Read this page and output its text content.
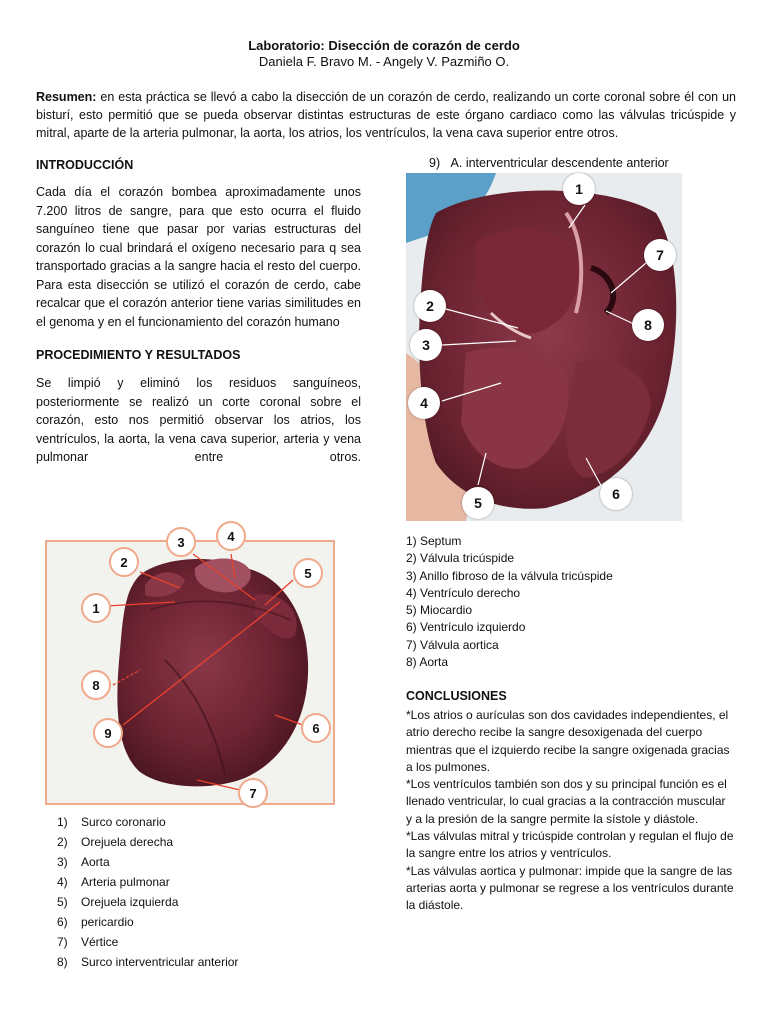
Laboratorio: Disección de corazón de cerdo
Daniela F. Bravo M. - Angely V. Pazmiño O.
Resumen: en esta práctica se llevó a cabo la disección de un corazón de cerdo, realizando un corte coronal sobre él con un bisturí, esto permitió que se pueda observar distintas estructuras de este órgano cardiaco como las válvulas tricúspide y mitral, aparte de la arteria pulmonar, la aorta, los atrios, los ventrículos, la vena cava superior entre otros.
INTRODUCCIÓN
Cada día el corazón bombea aproximadamente unos 7.200 litros de sangre, para que esto ocurra el fluido sanguíneo tiene que pasar por varias estructuras del corazón lo cual brindará el oxígeno necesario para q sea transportado gracias a la sangre hacia el resto del cuerpo. Para esta disección se utilizó el corazón de cerdo, cabe recalcar que el corazón anterior tiene varias similitudes en el genoma y en el funcionamiento del corazón humano
PROCEDIMIENTO Y RESULTADOS
Se limpió y eliminó los residuos sanguíneos, posteriormente se realizó un corte coronal sobre el corazón, esto nos permitió observar los atrios, los ventrículos, la aorta, la vena cava superior, arteria y vena pulmonar entre otros.
1
2
3	4
5
6
7
8
9
1) Surco coronario
2) Orejuela derecha
3) Aorta
4) Arteria pulmonar
5) Orejuela izquierda
6) pericardio
7) Vértice
8) Surco interventricular anterior
9) A. interventricular descendente anterior
1
2
3
4
5
6
7
8
1) Septum
2) Válvula tricúspide
3) Anillo fibroso de la válvula tricúspide
4) Ventrículo derecho
5) Miocardio
6) Ventrículo izquierdo
7) Válvula aortica
8) Aorta
CONCLUSIONES

*Los atrios o aurículas son dos cavidades independientes, el atrio derecho recibe la sangre desoxigenada del cuerpo mientras que el izquierdo recibe la sangre oxigenada gracias a los pulmones.

*Los ventrículos también son dos y su principal función es el llenado ventricular, lo cual gracias a la contracción muscular y a la presión de la sangre permite la sístole y diástole.

*Las válvulas mitral y tricúspide controlan y regulan el flujo de la sangre entre los atrios y ventrículos.

*Las válvulas aortica y pulmonar: impide que la sangre de las arterias aorta y pulmonar se regrese a los ventrículos durante la diástole.
